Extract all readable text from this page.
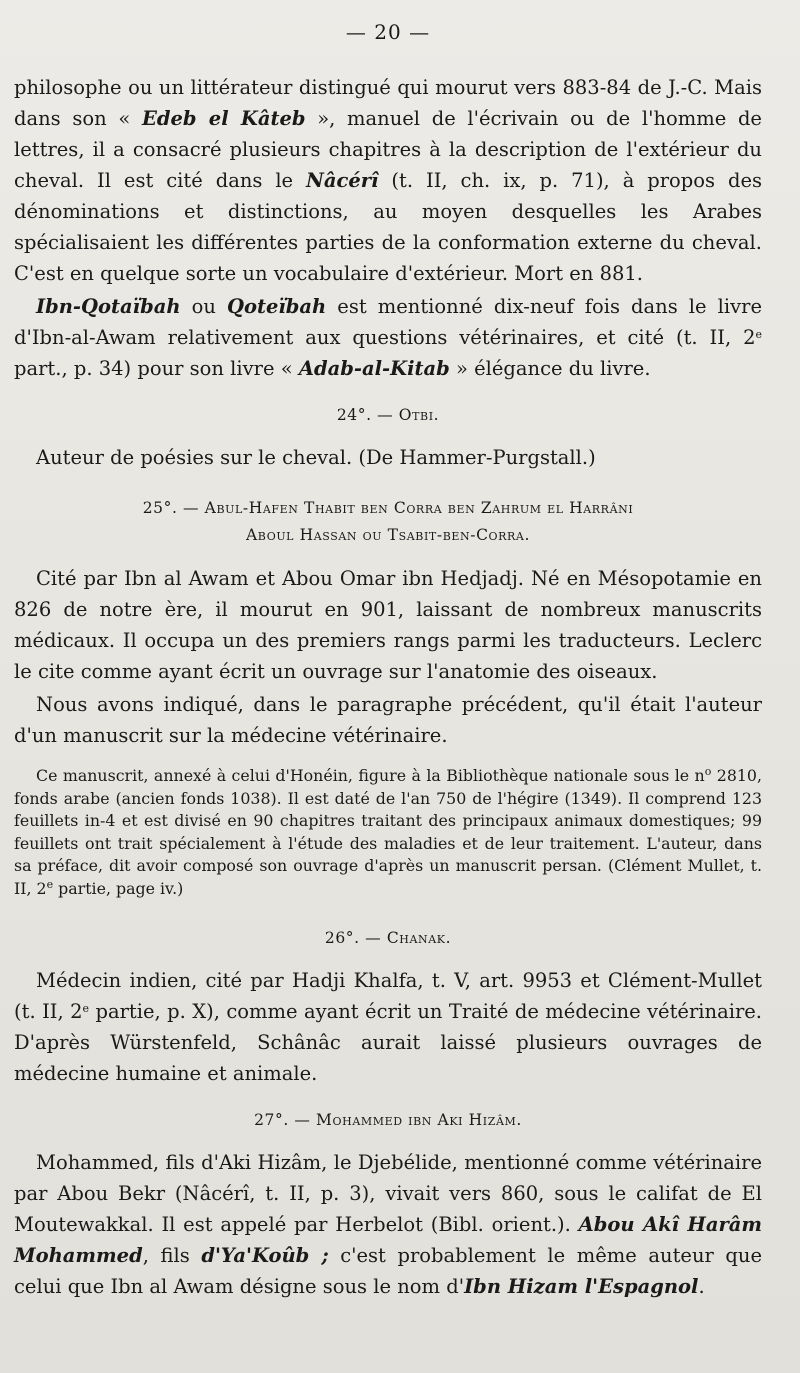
— 20 —

philosophe ou un littérateur distingué qui mourut vers 883-84 de J.-C. Mais dans son « Edeb el Kâteb », manuel de l'écrivain ou de l'homme de lettres, il a consacré plusieurs chapitres à la description de l'extérieur du cheval. Il est cité dans le Nâcérî (t. II, ch. ix, p. 71), à propos des dénominations et distinctions, au moyen desquelles les Arabes spécialisaient les différentes parties de la conformation externe du cheval. C'est en quelque sorte un vocabulaire d'extérieur. Mort en 881.

Ibn-Qotaïbah ou Qoteïbah est mentionné dix-neuf fois dans le livre d'Ibn-al-Awam relativement aux questions vétérinaires, et cité (t. II, 2e part., p. 34) pour son livre « Adab-al-Kitab » élégance du livre.

24°. — Otbi.

Auteur de poésies sur le cheval. (De Hammer-Purgstall.)

25°. — Abul-Hafen Thabit ben Corra ben Zahrum el Harrâni
Aboul Hassan ou Tsabit-ben-Corra.

Cité par Ibn al Awam et Abou Omar ibn Hedjadj. Né en Mésopotamie en 826 de notre ère, il mourut en 901, laissant de nombreux manuscrits médicaux. Il occupa un des premiers rangs parmi les traducteurs. Leclerc le cite comme ayant écrit un ouvrage sur l'anatomie des oiseaux.

Nous avons indiqué, dans le paragraphe précédent, qu'il était l'auteur d'un manuscrit sur la médecine vétérinaire.

Ce manuscrit, annexé à celui d'Honéin, figure à la Bibliothèque nationale sous le $n^o$ 2810, fonds arabe (ancien fonds 1038). Il est daté de l'an 750 de l'hégire (1349). Il comprend 123 feuillets in-4 et est divisé en 90 chapitres traitant des principaux animaux domestiques; 99 feuillets ont trait spécialement à l'étude des maladies et de leur traitement. L'auteur, dans sa préface, dit avoir composé son ouvrage d'après un manuscrit persan. (Clément Mullet, t. II, 2e partie, page iv.)

26°. — Chanak.

Médecin indien, cité par Hadji Khalfa, t. V, art. 9953 et Clément-Mullet (t. II, 2e partie, p. X), comme ayant écrit un Traité de médecine vétérinaire. D'après Würstenfeld, Schânâc aurait laissé plusieurs ouvrages de médecine humaine et animale.

27°. — Mohammed ibn Aki Hizâm.

Mohammed, fils d'Aki Hizâm, le Djebélide, mentionné comme vétérinaire par Abou Bekr (Nâcérî, t. II, p. 3), vivait vers 860, sous le califat de El Moutewakkal. Il est appelé par Herbelot (Bibl. orient.). Abou Akî Harâm Mohammed, fils d'Ya'Koûb ; c'est probablement le même auteur que celui que Ibn al Awam désigne sous le nom d'Ibn Hizam l'Espagnol.
